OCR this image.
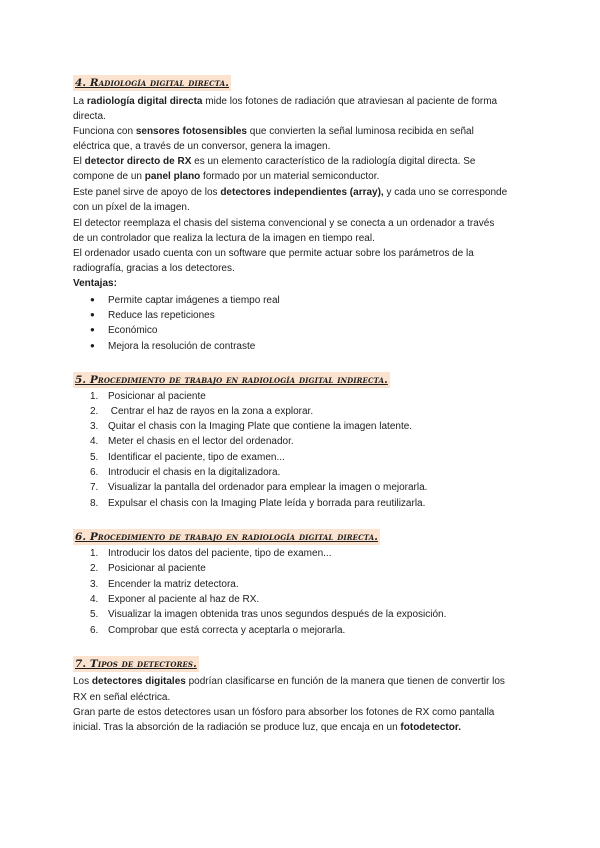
4. Radiología digital directa.
La radiología digital directa mide los fotones de radiación que atraviesan al paciente de forma
directa.
Funciona con sensores fotosensibles que convierten la señal luminosa recibida en señal
eléctrica que, a través de un conversor, genera la imagen.
El detector directo de RX es un elemento característico de la radiología digital directa. Se
compone de un panel plano formado por un material semiconductor.
Este panel sirve de apoyo de los detectores independientes (array), y cada uno se corresponde
con un píxel de la imagen.
El detector reemplaza el chasis del sistema convencional y se conecta a un ordenador a través
de un controlador que realiza la lectura de la imagen en tiempo real.
El ordenador usado cuenta con un software que permite actuar sobre los parámetros de la
radiografía, gracias a los detectores.
Ventajas:
● Permite captar imágenes a tiempo real
● Reduce las repeticiones
● Económico
● Mejora la resolución de contraste
5. Procedimiento de trabajo en radiología digital indirecta.
1. Posicionar al paciente
2. Centrar el haz de rayos en la zona a explorar.
3. Quitar el chasis con la Imaging Plate que contiene la imagen latente.
4. Meter el chasis en el lector del ordenador.
5. Identificar el paciente, tipo de examen...
6. Introducir el chasis en la digitalizadora.
7. Visualizar la pantalla del ordenador para emplear la imagen o mejorarla.
8. Expulsar el chasis con la Imaging Plate leída y borrada para reutilizarla.
6. Procedimiento de trabajo en radiología digital directa.
1. Introducir los datos del paciente, tipo de examen...
2. Posicionar al paciente
3. Encender la matriz detectora.
4. Exponer al paciente al haz de RX.
5. Visualizar la imagen obtenida tras unos segundos después de la exposición.
6. Comprobar que está correcta y aceptarla o mejorarla.
7. Tipos de detectores.
Los detectores digitales podrían clasificarse en función de la manera que tienen de convertir los
RX en señal eléctrica.
Gran parte de estos detectores usan un fósforo para absorber los fotones de RX como pantalla
inicial. Tras la absorción de la radiación se produce luz, que encaja en un fotodetector.
